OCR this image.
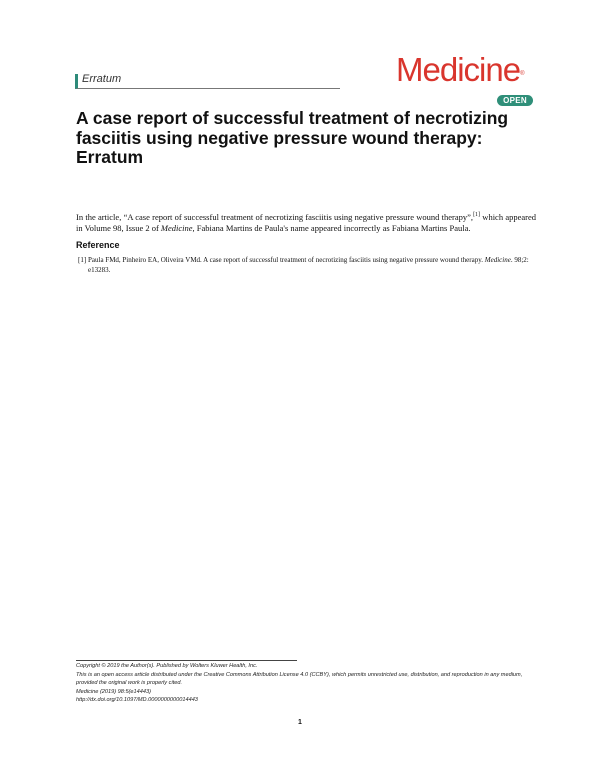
Erratum	Medicine®
OPEN
A case report of successful treatment of necrotizing fasciitis using negative pressure wound therapy: Erratum

In the article, “A case report of successful treatment of necrotizing fasciitis using negative pressure wound therapy”,[1] which appeared in Volume 98, Issue 2 of Medicine, Fabiana Martins de Paula's name appeared incorrectly as Fabiana Martins Paula.

Reference
[1] Paula FMd, Pinheiro EA, Oliveira VMd. A case report of successful treatment of necrotizing fasciitis using negative pressure wound therapy. Medicine. 98;2: e13283.
Copyright © 2019 the Author(s). Published by Wolters Kluwer Health, Inc.
This is an open access article distributed under the Creative Commons Attribution License 4.0 (CCBY), which permits unrestricted use, distribution, and reproduction in any medium, provided the original work is properly cited.
Medicine (2019) 98:5(e14443)
http://dx.doi.org/10.1097/MD.0000000000014443
1
